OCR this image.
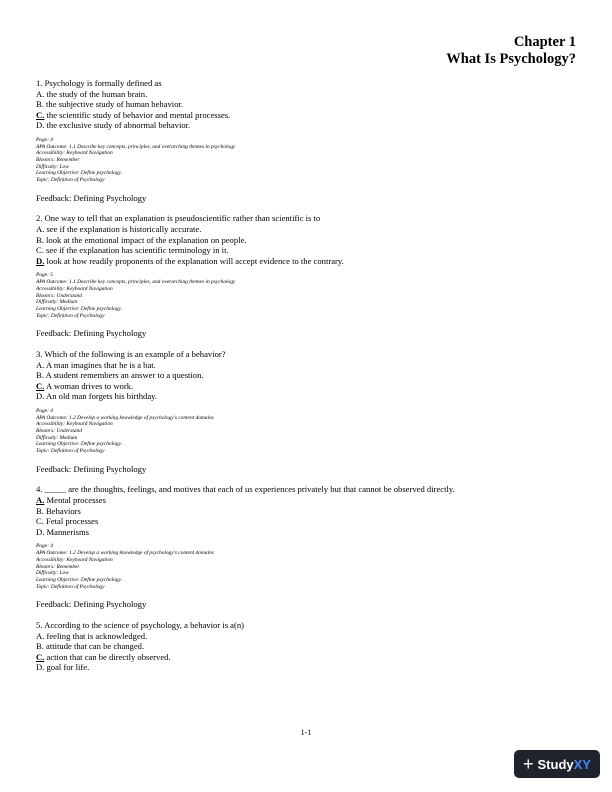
Chapter 1
What Is Psychology?
1. Psychology is formally defined as
A. the study of the human brain.
B. the subjective study of human behavior.
C. the scientific study of behavior and mental processes.
D. the exclusive study of abnormal behavior.
Page: 4
APA Outcome: 1.1 Describe key concepts, principles, and overarching themes in psychology
Accessibility: Keyboard Navigation
Bloom's: Remember
Difficulty: Low
Learning Objective: Define psychology.
Topic: Definition of Psychology
Feedback: Defining Psychology
2. One way to tell that an explanation is pseudoscientific rather than scientific is to
A. see if the explanation is historically accurate.
B. look at the emotional impact of the explanation on people.
C. see if the explanation has scientific terminology in it.
D. look at how readily proponents of the explanation will accept evidence to the contrary.
Page: 5
APA Outcome: 1.1 Describe key concepts, principles, and overarching themes in psychology
Accessibility: Keyboard Navigation
Bloom's: Understand
Difficulty: Medium
Learning Objective: Define psychology.
Topic: Definition of Psychology
Feedback: Defining Psychology
3. Which of the following is an example of a behavior?
A. A man imagines that he is a bat.
B. A student remembers an answer to a question.
C. A woman drives to work.
D. An old man forgets his birthday.
Page: 4
APA Outcome: 1.2 Develop a working knowledge of psychology's content domains
Accessibility: Keyboard Navigation
Bloom's: Understand
Difficulty: Medium
Learning Objective: Define psychology.
Topic: Definition of Psychology
Feedback: Defining Psychology
4. _____ are the thoughts, feelings, and motives that each of us experiences privately but that cannot be observed directly.
A. Mental processes
B. Behaviors
C. Fetal processes
D. Mannerisms
Page: 4
APA Outcome: 1.2 Develop a working knowledge of psychology's content domains
Accessibility: Keyboard Navigation
Bloom's: Remember
Difficulty: Low
Learning Objective: Define psychology.
Topic: Definition of Psychology
Feedback: Defining Psychology
5. According to the science of psychology, a behavior is a(n)
A. feeling that is acknowledged.
B. attitude that can be changed.
C. action that can be directly observed.
D. goal for life.
1-1
+ Study XY
